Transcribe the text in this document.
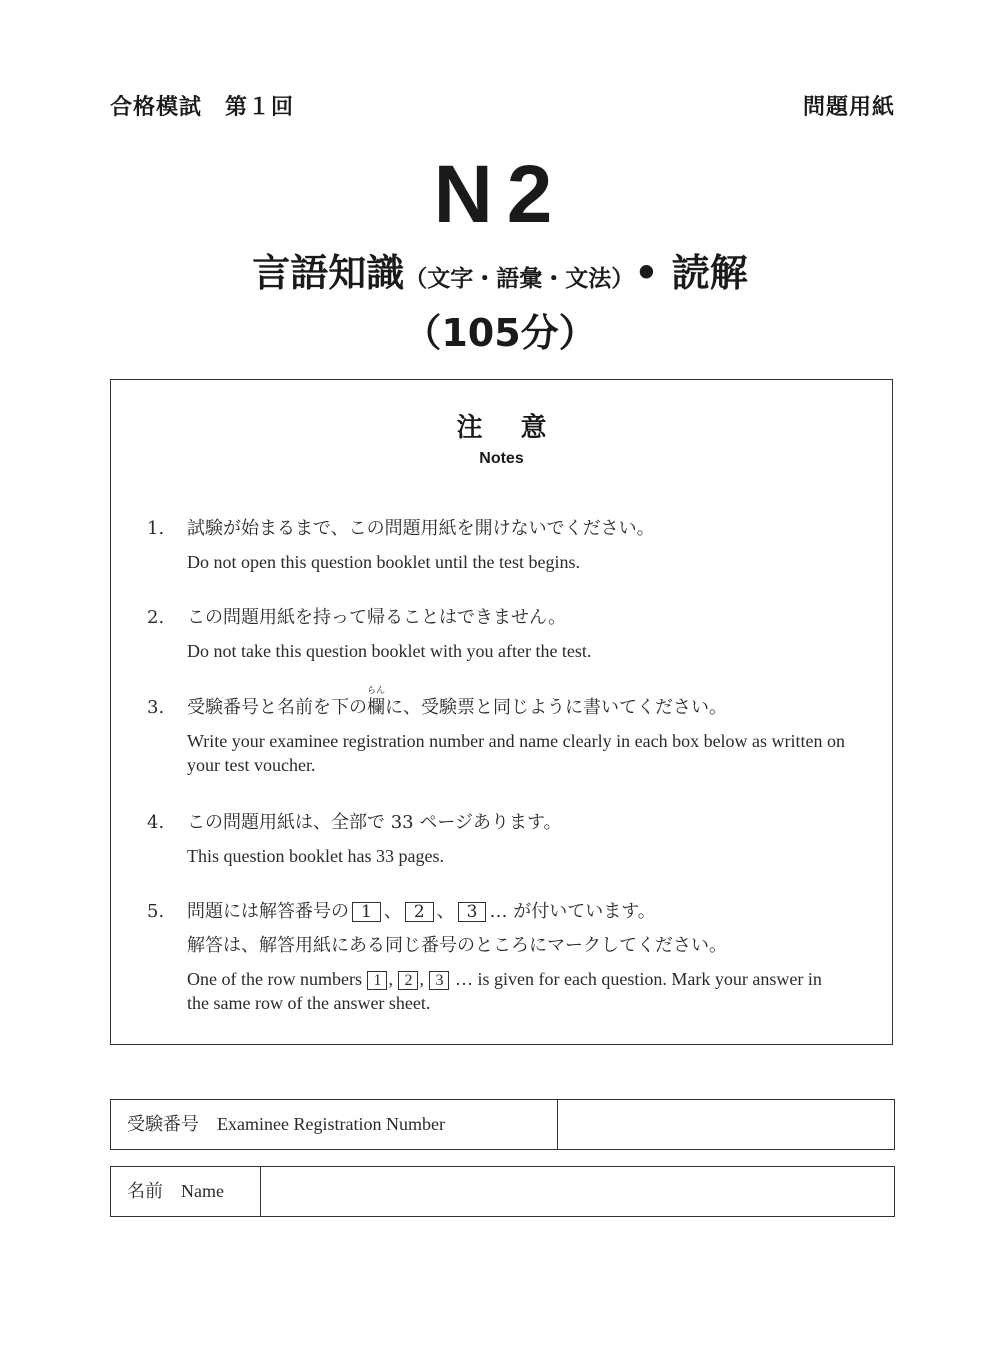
合格模試　第１回	問題用紙
N2
言語知識（文字・語彙・文法）• 読解
（105分）
注意
Notes
1. 試験が始まるまで、この問題用紙を開けないでください。
Do not open this question booklet until the test begins.
2. この問題用紙を持って帰ることはできません。
Do not take this question booklet with you after the test.
3. 受験番号と名前を下の欄
らん
に、受験票と同じように書いてください。
Write your examinee registration number and name clearly in each box below as written on your test voucher.
4. この問題用紙は、全部で 33 ページあります。
This question booklet has 33 pages.
5. 問題には解答番号の 1 、 2 、 3 … が付いています。
解答は、解答用紙にある同じ番号のところにマークしてください。
One of the row numbers 1 , 2 , 3 … is given for each question. Mark your answer in the same row of the answer sheet.
受験番号 Examinee Registration Number
名前 Name
